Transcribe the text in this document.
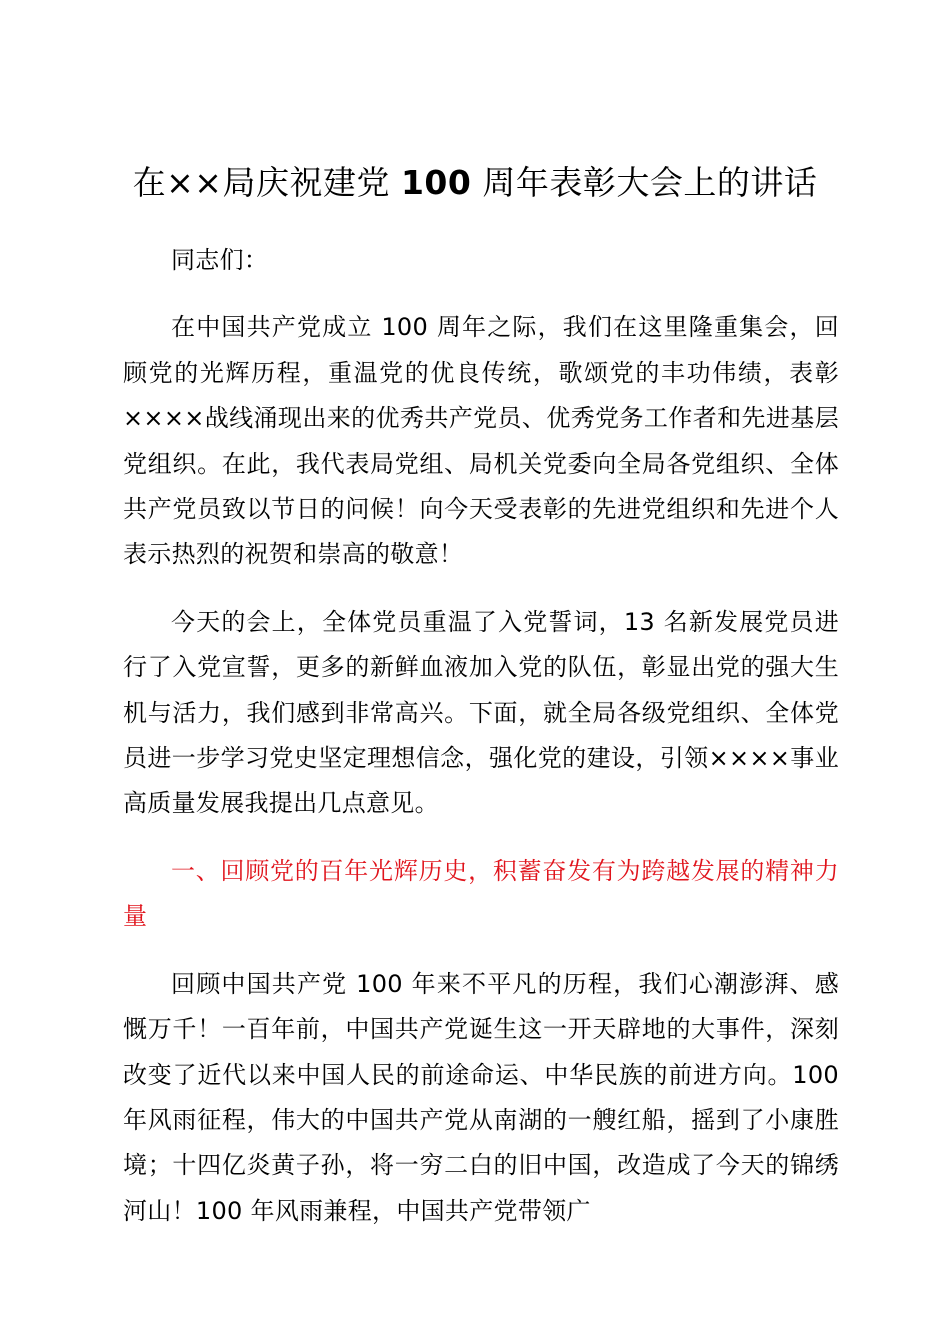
在××局庆祝建党 100 周年表彰大会上的讲话

同志们：

在中国共产党成立 100 周年之际，我们在这里隆重集会，回顾党的光辉历程，重温党的优良传统，歌颂党的丰功伟绩，表彰××××战线涌现出来的优秀共产党员、优秀党务工作者和先进基层党组织。在此，我代表局党组、局机关党委向全局各党组织、全体共产党员致以节日的问候！向今天受表彰的先进党组织和先进个人表示热烈的祝贺和崇高的敬意！

今天的会上，全体党员重温了入党誓词，13 名新发展党员进行了入党宣誓，更多的新鲜血液加入党的队伍，彰显出党的强大生机与活力，我们感到非常高兴。下面，就全局各级党组织、全体党员进一步学习党史坚定理想信念，强化党的建设，引领××××事业高质量发展我提出几点意见。

一、回顾党的百年光辉历史，积蓄奋发有为跨越发展的精神力量

回顾中国共产党 100 年来不平凡的历程，我们心潮澎湃、感慨万千！一百年前，中国共产党诞生这一开天辟地的大事件，深刻改变了近代以来中国人民的前途命运、中华民族的前进方向。100 年风雨征程，伟大的中国共产党从南湖的一艘红船，摇到了小康胜境；十四亿炎黄子孙，将一穷二白的旧中国，改造成了今天的锦绣河山！100 年风雨兼程，中国共产党带领广
